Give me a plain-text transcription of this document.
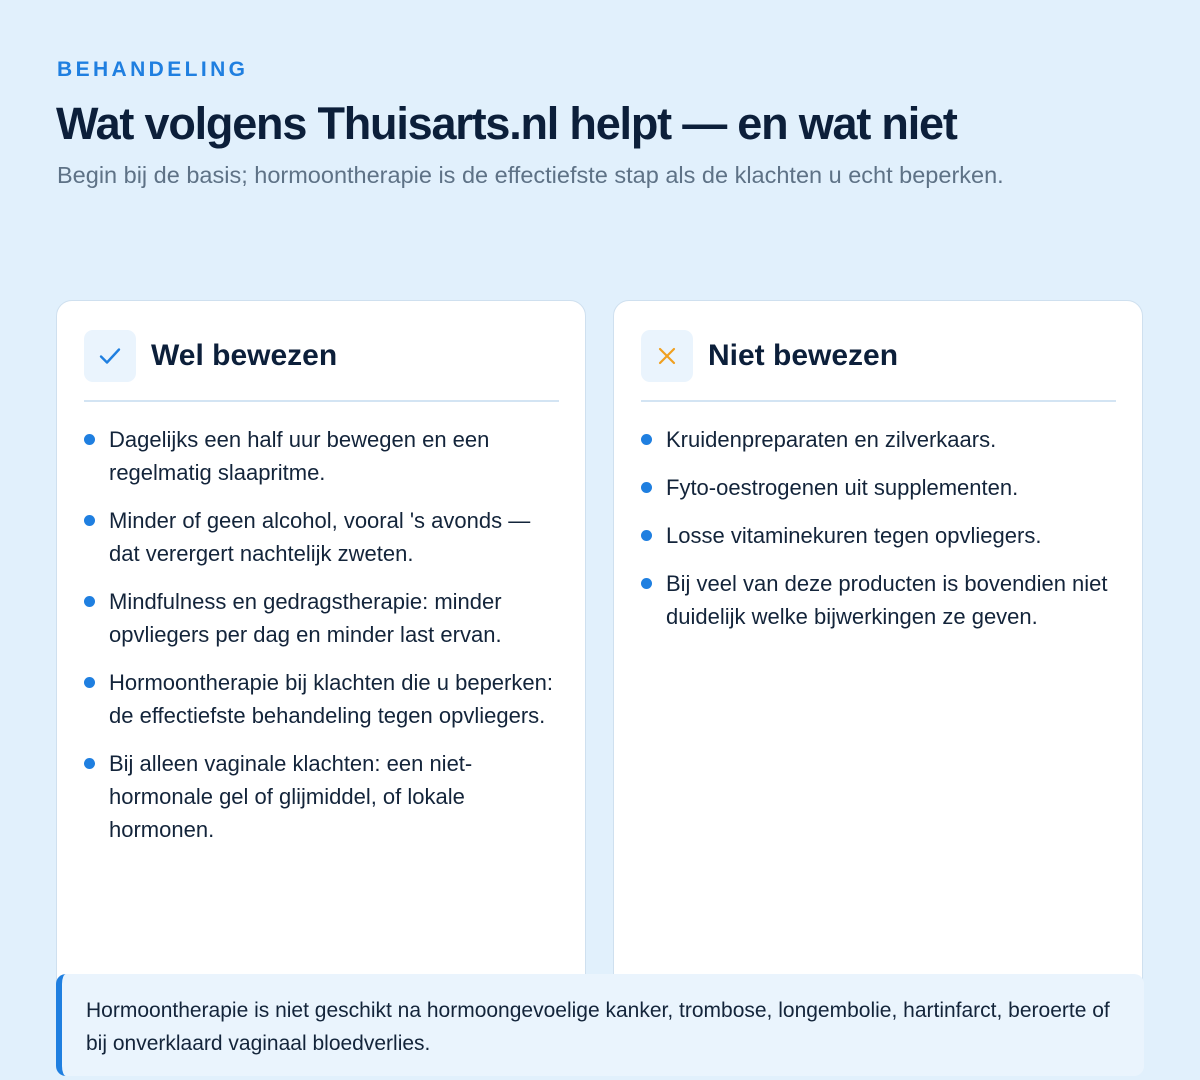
BEHANDELING
Wat volgens Thuisarts.nl helpt — en wat niet

Begin bij de basis; hormoontherapie is de effectiefste stap als de klachten u echt beperken.

Wel bewezen
Dagelijks een half uur bewegen en een regelmatig slaapritme.
Minder of geen alcohol, vooral 's avonds — dat verergert nachtelijk zweten.
Mindfulness en gedragstherapie: minder opvliegers per dag en minder last ervan.
Hormoontherapie bij klachten die u beperken: de effectiefste behandeling tegen opvliegers.
Bij alleen vaginale klachten: een niet-hormonale gel of glijmiddel, of lokale hormonen.
Niet bewezen
Kruidenpreparaten en zilverkaars.
Fyto-oestrogenen uit supplementen.
Losse vitaminekuren tegen opvliegers.
Bij veel van deze producten is bovendien niet duidelijk welke bijwerkingen ze geven.
Hormoontherapie is niet geschikt na hormoongevoelige kanker, trombose, longembolie, hartinfarct, beroerte of bij onverklaard vaginaal bloedverlies.
